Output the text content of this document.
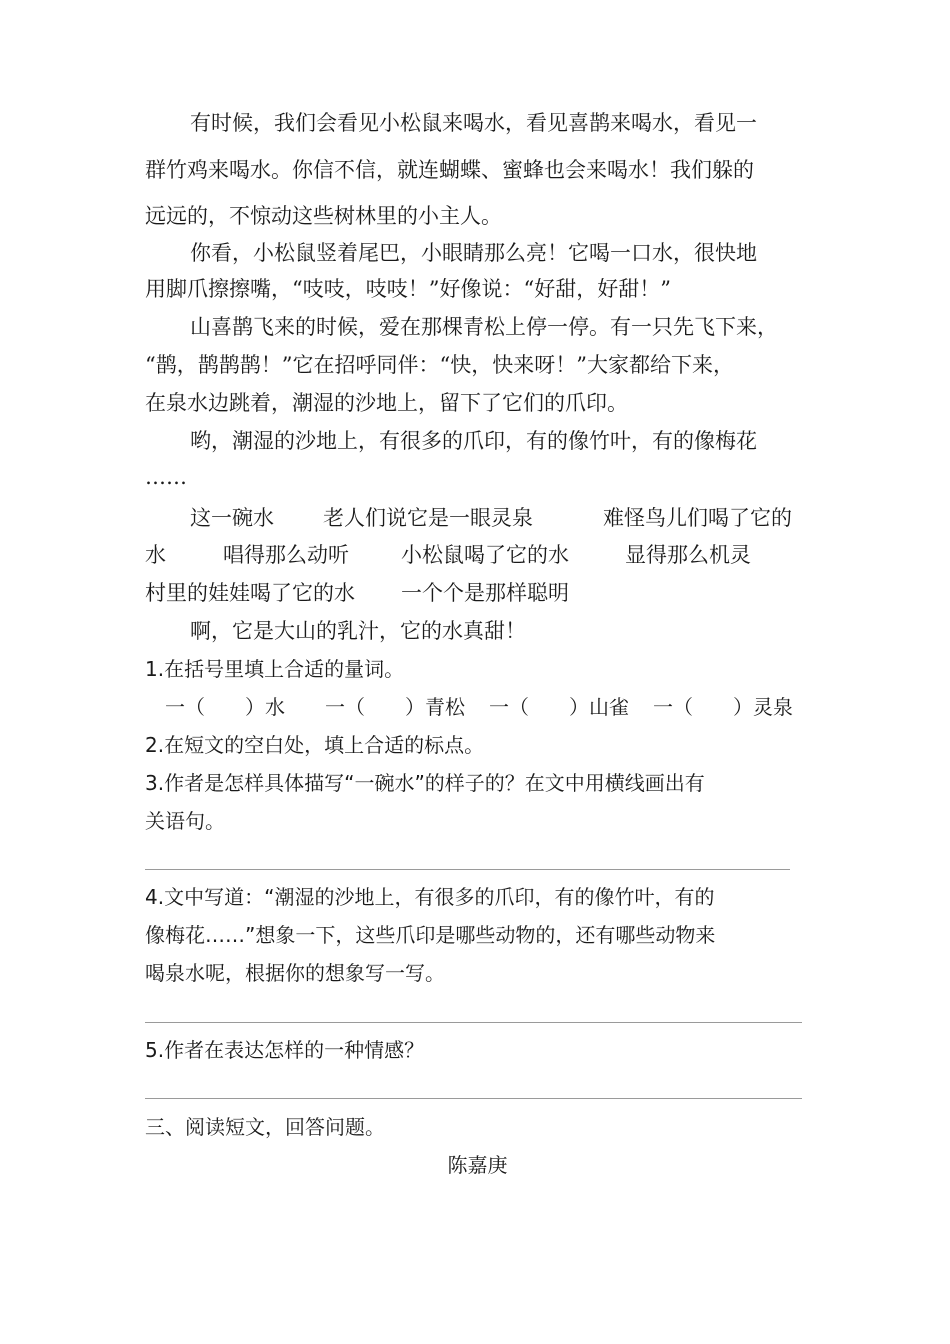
有时候，我们会看见小松鼠来喝水，看见喜鹊来喝水，看见一
群竹鸡来喝水。你信不信，就连蝴蝶、蜜蜂也会来喝水！我们躲的
远远的，不惊动这些树林里的小主人。
你看，小松鼠竖着尾巴，小眼睛那么亮！它喝一口水，很快地
用脚爪擦擦嘴，“吱吱，吱吱！”好像说：“好甜，好甜！”
山喜鹊飞来的时候，爱在那棵青松上停一停。有一只先飞下来，
“鹊，鹊鹊鹊！”它在招呼同伴：“快，快来呀！”大家都给下来，
在泉水边跳着，潮湿的沙地上，留下了它们的爪印。
哟，潮湿的沙地上，有很多的爪印，有的像竹叶，有的像梅花
……
这一碗水 老人们说它是一眼灵泉	难怪鸟儿们喝了它的
水	唱得那么动听 小松鼠喝了它的水	显得那么机灵
村里的娃娃喝了它的水 一个个是那样聪明
啊，它是大山的乳汁，它的水真甜！
1.在括号里填上合适的量词。
一（　　）水 一（　　）青松 一（　　）山雀 一（　　）灵泉
2.在短文的空白处，填上合适的标点。
3.作者是怎样具体描写“一碗水”的样子的？在文中用横线画出有
关语句。
4.文中写道：“潮湿的沙地上，有很多的爪印，有的像竹叶，有的
像梅花……”想象一下，这些爪印是哪些动物的，还有哪些动物来
喝泉水呢，根据你的想象写一写。
5.作者在表达怎样的一种情感？
三、阅读短文，回答问题。
陈嘉庚
